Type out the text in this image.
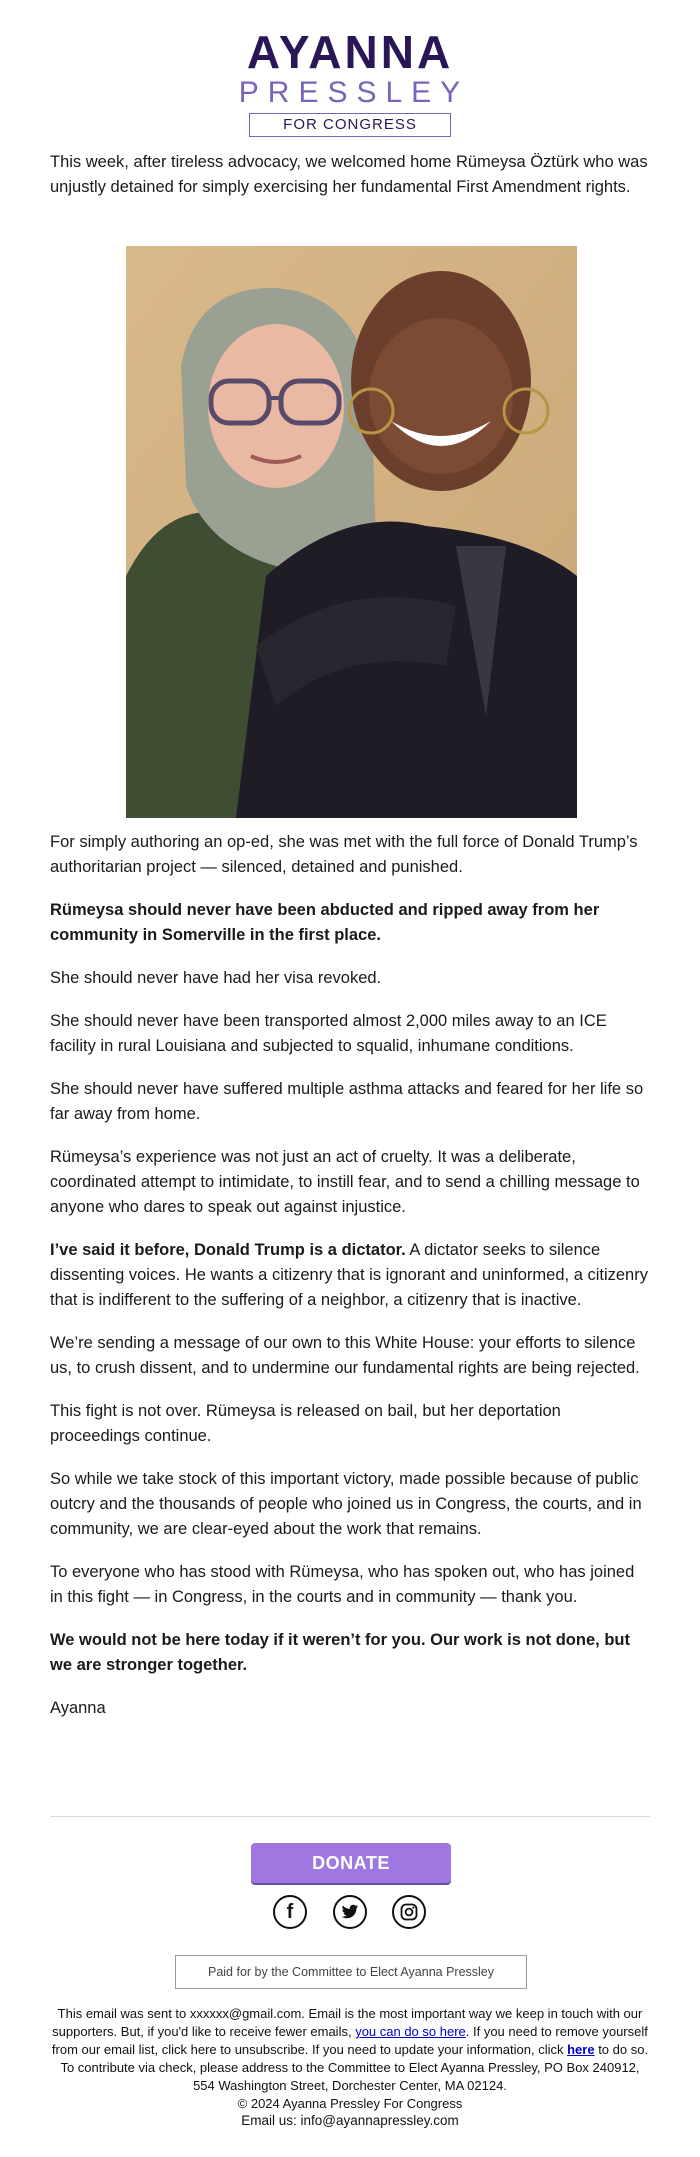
AYANNA
PRESSLEY
FOR CONGRESS

This week, after tireless advocacy, we welcomed home Rümeysa Öztürk who was unjustly detained for simply exercising her fundamental First Amendment rights.

For simply authoring an op-ed, she was met with the full force of Donald Trump’s authoritarian project — silenced, detained and punished.

Rümeysa should never have been abducted and ripped away from her community in Somerville in the first place.

She should never have had her visa revoked.

She should never have been transported almost 2,000 miles away to an ICE facility in rural Louisiana and subjected to squalid, inhumane conditions.

She should never have suffered multiple asthma attacks and feared for her life so far away from home.

Rümeysa’s experience was not just an act of cruelty. It was a deliberate, coordinated attempt to intimidate, to instill fear, and to send a chilling message to anyone who dares to speak out against injustice.

I’ve said it before, Donald Trump is a dictator. A dictator seeks to silence dissenting voices. He wants a citizenry that is ignorant and uninformed, a citizenry that is indifferent to the suffering of a neighbor, a citizenry that is inactive.

We’re sending a message of our own to this White House: your efforts to silence us, to crush dissent, and to undermine our fundamental rights are being rejected.

This fight is not over. Rümeysa is released on bail, but her deportation proceedings continue.

So while we take stock of this important victory, made possible because of public outcry and the thousands of people who joined us in Congress, the courts, and in community, we are clear-eyed about the work that remains.

To everyone who has stood with Rümeysa, who has spoken out, who has joined in this fight — in Congress, in the courts and in community — thank you.

We would not be here today if it weren’t for you. Our work is not done, but we are stronger together.

Ayanna

DONATE
f
Paid for by the Committee to Elect Ayanna Pressley
This email was sent to xxxxxx@gmail.com. Email is the most important way we keep in touch with our supporters. But, if you'd like to receive fewer emails, you can do so here. If you need to remove yourself from our email list, click here to unsubscribe. If you need to update your information, click here to do so. To contribute via check, please address to the Committee to Elect Ayanna Pressley, PO Box 240912, 554 Washington Street, Dorchester Center, MA 02124.
© 2024 Ayanna Pressley For Congress
Email us: info@ayannapressley.com
